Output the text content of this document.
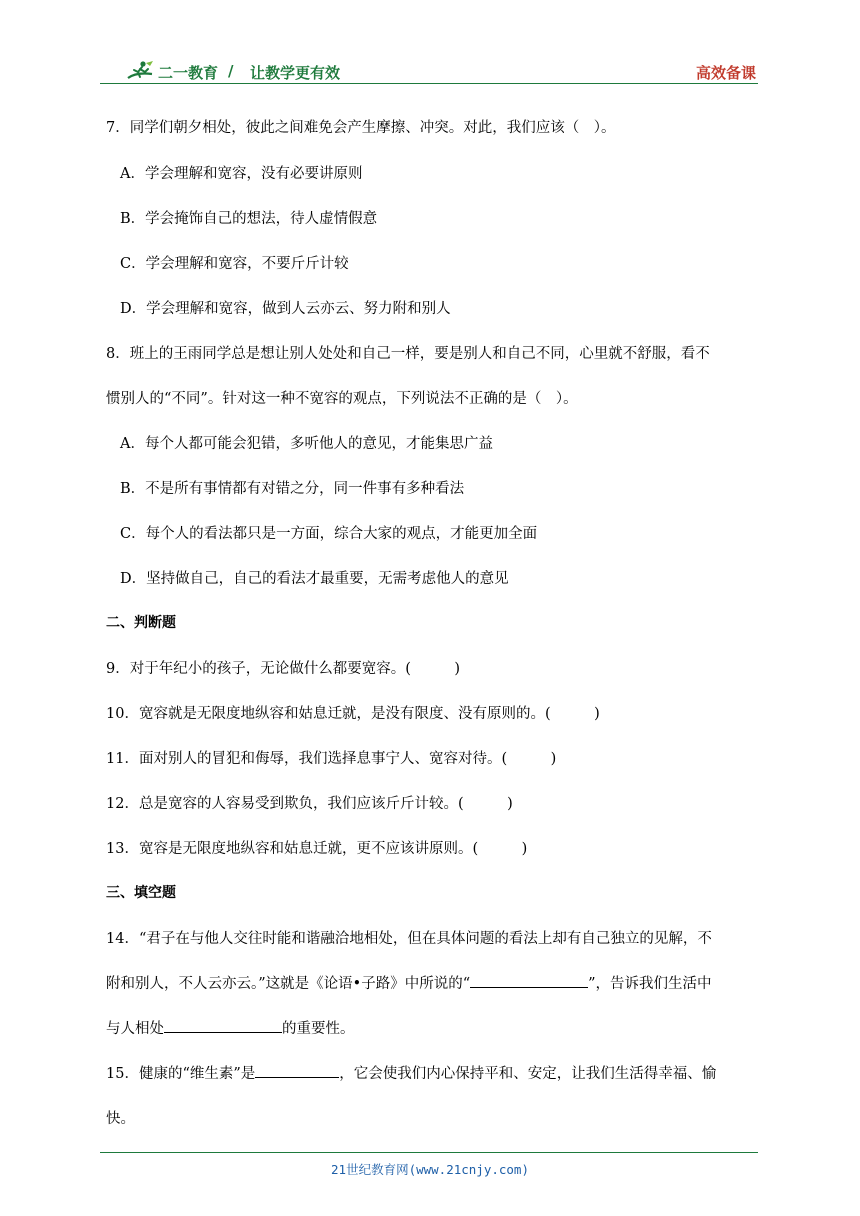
二一教育 / 让教学更有效	高效备课
7．同学们朝夕相处，彼此之间难免会产生摩擦、冲突。对此，我们应该（　）。
A．学会理解和宽容，没有必要讲原则
B．学会掩饰自己的想法，待人虚情假意
C．学会理解和宽容，不要斤斤计较
D．学会理解和宽容，做到人云亦云、努力附和别人
8．班上的王雨同学总是想让别人处处和自己一样，要是别人和自己不同，心里就不舒服，看不
惯别人的“不同”。针对这一种不宽容的观点，下列说法不正确的是（　）。
A．每个人都可能会犯错，多听他人的意见，才能集思广益
B．不是所有事情都有对错之分，同一件事有多种看法
C．每个人的看法都只是一方面，综合大家的观点，才能更加全面
D．坚持做自己，自己的看法才最重要，无需考虑他人的意见
二、判断题
9．对于年纪小的孩子，无论做什么都要宽容。(　　　)
10．宽容就是无限度地纵容和姑息迁就，是没有限度、没有原则的。(　　　)
11．面对别人的冒犯和侮辱，我们选择息事宁人、宽容对待。(　　　)
12．总是宽容的人容易受到欺负，我们应该斤斤计较。(　　　)
13．宽容是无限度地纵容和姑息迁就，更不应该讲原则。(　　　)
三、填空题
14．“君子在与他人交往时能和谐融洽地相处，但在具体问题的看法上却有自己独立的见解，不
附和别人，不人云亦云。”这就是《论语•子路》中所说的“	”，告诉我们生活中
与人相处	的重要性。
15．健康的“维生素”是	，它会使我们内心保持平和、安定，让我们生活得幸福、愉
快。
21世纪教育网(www.21cnjy.com)
